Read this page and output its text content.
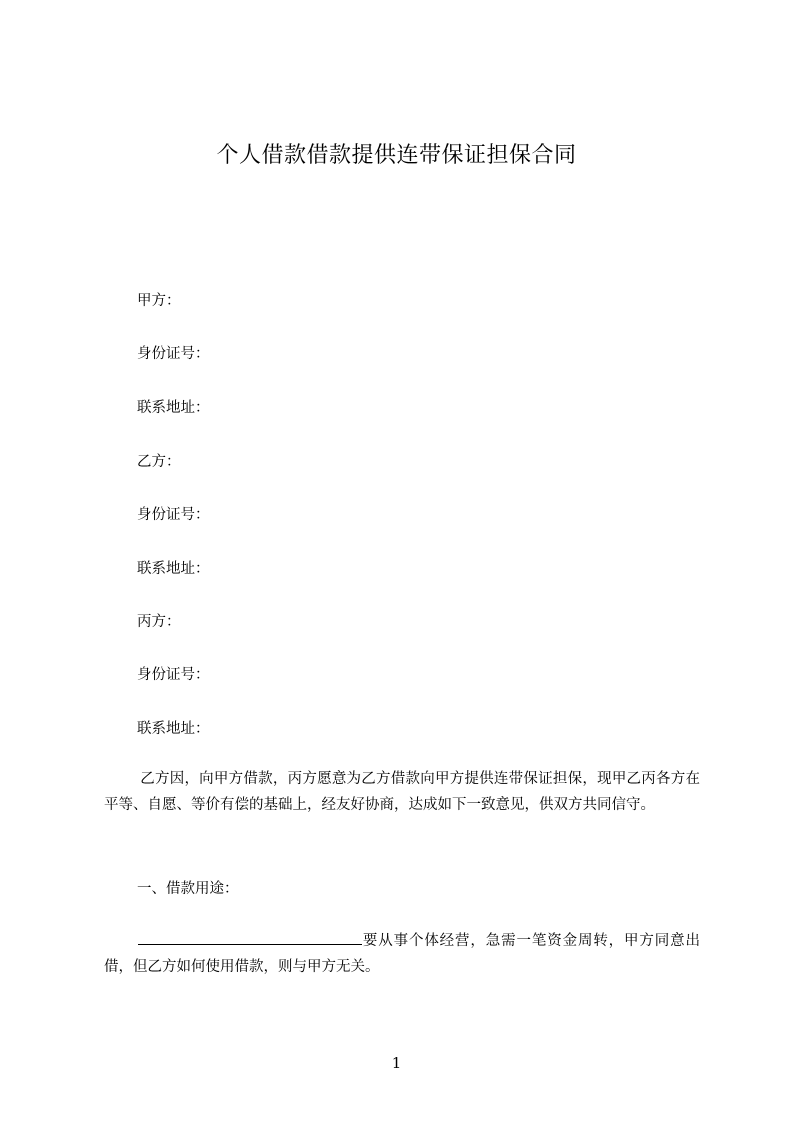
个人借款借款提供连带保证担保合同
甲方：
身份证号：
联系地址：
乙方：
身份证号：
联系地址：
丙方：
身份证号：
联系地址：
乙方因，向甲方借款，丙方愿意为乙方借款向甲方提供连带保证担保，现甲乙丙各方在平等、自愿、等价有偿的基础上，经友好协商，达成如下一致意见，供双方共同信守。
一、借款用途：
要从事个体经营，急需一笔资金周转，甲方同意出借，但乙方如何使用借款，则与甲方无关。
1
